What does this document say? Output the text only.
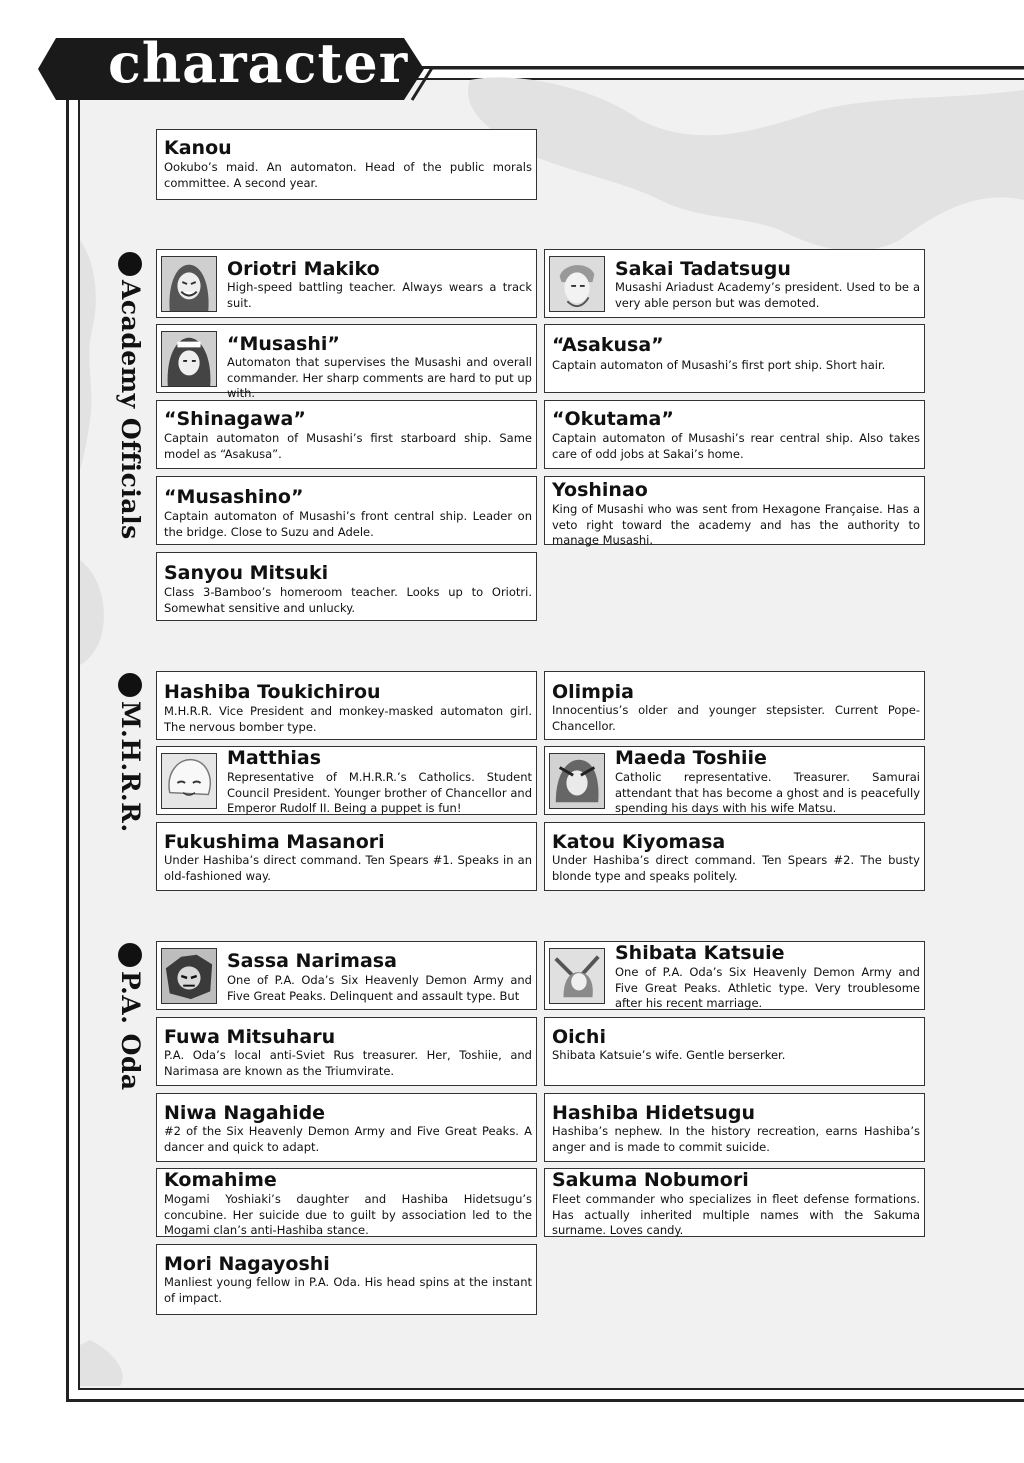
character
Academy Officials
M.H.R.R.
P.A. Oda
Kanou
Ookubo’s maid. An automaton. Head of the public morals committee. A second year.
Oriotri Makiko
High-speed battling teacher. Always wears a track suit.
Sakai Tadatsugu
Musashi Ariadust Academy’s president. Used to be a very able person but was demoted.
“Musashi”
Automaton that supervises the Musashi and overall commander. Her sharp comments are hard to put up with.
“Asakusa”
Captain automaton of Musashi’s first port ship. Short hair.
“Shinagawa”
Captain automaton of Musashi’s first starboard ship. Same model as “Asakusa”.
“Okutama”
Captain automaton of Musashi’s rear central ship. Also takes care of odd jobs at Sakai’s home.
“Musashino”
Captain automaton of Musashi’s front central ship. Leader on the bridge. Close to Suzu and Adele.
Yoshinao
King of Musashi who was sent from Hexagone Française. Has a veto right toward the academy and has the authority to manage Musashi.
Sanyou Mitsuki
Class 3-Bamboo’s homeroom teacher. Looks up to Oriotri. Somewhat sensitive and unlucky.
Hashiba Toukichirou
M.H.R.R. Vice President and monkey-masked automaton girl. The nervous bomber type.
Olimpia
Innocentius’s older and younger stepsister. Current Pope-Chancellor.
Matthias
Representative of M.H.R.R.’s Catholics. Student Council President. Younger brother of Chancellor and Emperor Rudolf II. Being a puppet is fun!
Maeda Toshiie
Catholic representative. Treasurer. Samurai attendant that has become a ghost and is peacefully spending his days with his wife Matsu.
Fukushima Masanori
Under Hashiba’s direct command. Ten Spears #1. Speaks in an old-fashioned way.
Katou Kiyomasa
Under Hashiba’s direct command. Ten Spears #2. The busty blonde type and speaks politely.
Sassa Narimasa
One of P.A. Oda’s Six Heavenly Demon Army and Five Great Peaks. Delinquent and assault type. But
Shibata Katsuie
One of P.A. Oda’s Six Heavenly Demon Army and Five Great Peaks. Athletic type. Very troublesome after his recent marriage.
Fuwa Mitsuharu
P.A. Oda’s local anti-Sviet Rus treasurer. Her, Toshiie, and Narimasa are known as the Triumvirate.
Oichi
Shibata Katsuie’s wife. Gentle berserker.
Niwa Nagahide
#2 of the Six Heavenly Demon Army and Five Great Peaks. A dancer and quick to adapt.
Hashiba Hidetsugu
Hashiba’s nephew. In the history recreation, earns Hashiba’s anger and is made to commit suicide.
Komahime
Mogami Yoshiaki’s daughter and Hashiba Hidetsugu’s concubine. Her suicide due to guilt by association led to the Mogami clan’s anti-Hashiba stance.
Sakuma Nobumori
Fleet commander who specializes in fleet defense formations. Has actually inherited multiple names with the Sakuma surname. Loves candy.
Mori Nagayoshi
Manliest young fellow in P.A. Oda. His head spins at the instant of impact.
